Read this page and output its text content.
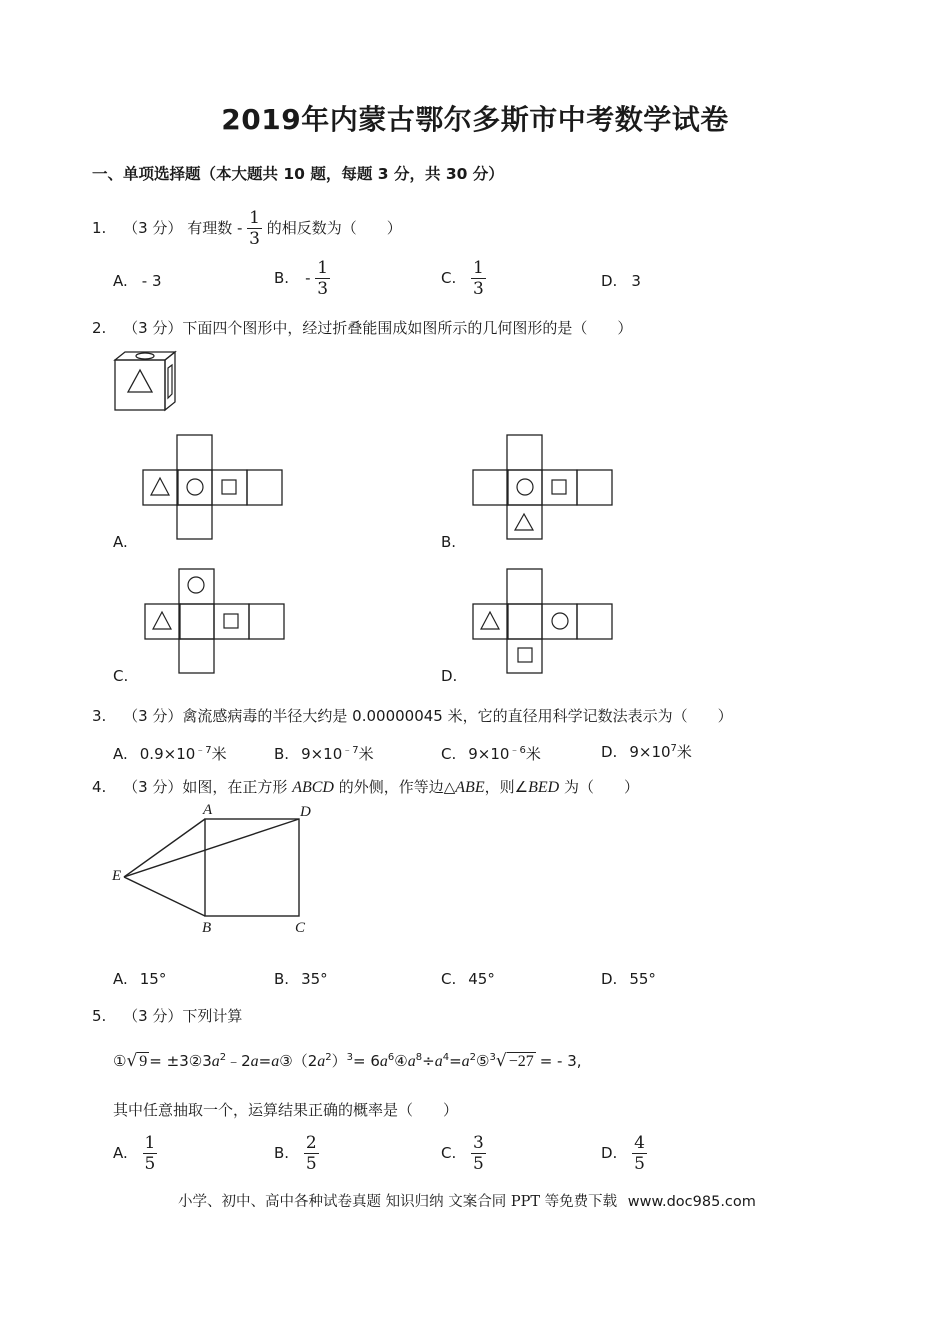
2019年内蒙古鄂尔多斯市中考数学试卷
一、单项选择题（本大题共 10 题，每题 3 分，共 30 分）
1. （3 分） 有理数 - $\frac{1}{3}$ 的相反数为（　　）
A. - 3	B. - $\frac{1}{3}$	C. $\frac{1}{3}$	D. 3
2. （3 分）下面四个图形中，经过折叠能围成如图所示的几何图形的是（　　）
A.	B.
C.	D.
3. （3 分）禽流感病毒的半径大约是 0.00000045 米，它的直径用科学记数法表示为（　　）
A. $0.9\times 10^{﹣7}$米	B. $9\times 10^{﹣7}$米	C. $9\times 10^{﹣6}$米	D. $9\times 10^7$米
4. （3 分）如图，在正方形 ABCD 的外侧，作等边△ABE，则∠BED 为（　　）
A	D
E
B	C
A. 15°	B. 35°	C. 45°	D. 55°
5. （3 分）下列计算
①√ $9 = \pm 3②3a^2﹣2a=a③(2a^2)^3=$ $6a^6④a^8\div a^4=a^2⑤^3√ -27$ = - 3,
其中任意抽取一个，运算结果正确的概率是（　　）
A. $\frac{1}{5}$	B. $\frac{2}{5}$	C. $\frac{3}{5}$	D. $\frac{4}{5}$
小学、初中、高中各种试卷真题 知识归纳 文案合同 PPT 等免费下载 www.doc985.com
